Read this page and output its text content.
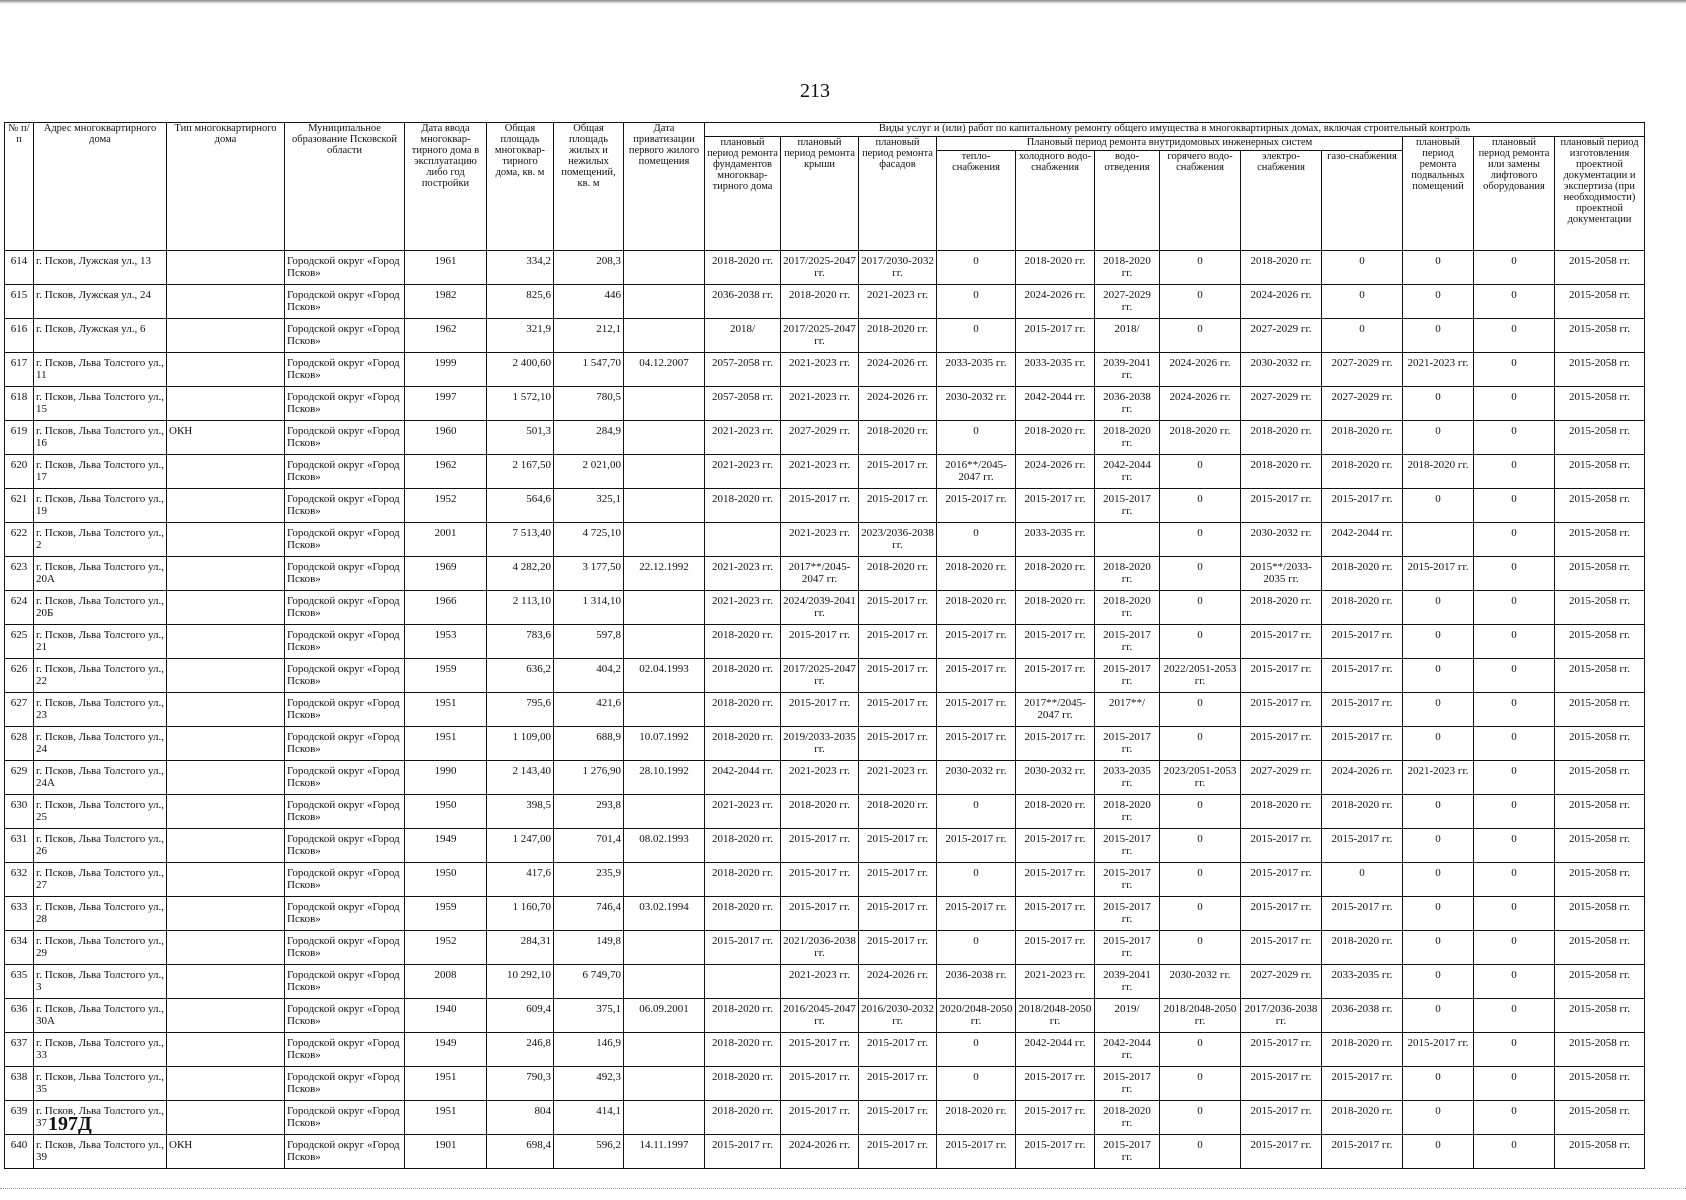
213
№ п/п	Адрес многоквартирного дома	Тип многоквартирного дома	Муниципальное образование Псковской области	Дата ввода многоквар-тирного дома в эксплуатацию либо год постройки	Общая площадь многоквар-тирного дома, кв. м	Общая площадь жилых и нежилых помещений, кв. м	Дата приватизации первого жилого помещения	Виды услуг и (или) работ по капитальному ремонту общего имущества в многоквартирных домах, включая строительный контроль											
								плановый период ремонта фундаментов многоквар-тирного дома	плановый период ремонта крыши	плановый период ремонта фасадов	Плановый период ремонта внутридомовых инженерных систем						плановый период ремонта подвальных помещений	плановый период ремонта или замены лифтового оборудования	плановый период изготовления проектной документации и экспертиза (при необходимости) проектной документации
											тепло-снабжения	холодного водо-снабжения	водо-отведения	горячего водо-снабжения	электро-снабжения	газо-снабжения			
614	г. Псков, Лужская ул., 13		Городской округ «Город Псков»	1961	334,2	208,3		2018-2020 гг.	2017/2025-2047 гг.	2017/2030-2032 гг.	0	2018-2020 гг.	2018-2020 гг.	0	2018-2020 гг.	0	0	0	2015-2058 гг.
615	г. Псков, Лужская ул., 24		Городской округ «Город Псков»	1982	825,6	446		2036-2038 гг.	2018-2020 гг.	2021-2023 гг.	0	2024-2026 гг.	2027-2029 гг.	0	2024-2026 гг.	0	0	0	2015-2058 гг.
616	г. Псков, Лужская ул., 6		Городской округ «Город Псков»	1962	321,9	212,1		2018/	2017/2025-2047 гг.	2018-2020 гг.	0	2015-2017 гг.	2018/	0	2027-2029 гг.	0	0	0	2015-2058 гг.
617	г. Псков, Льва Толстого ул., 11		Городской округ «Город Псков»	1999	2 400,60	1 547,70	04.12.2007	2057-2058 гг.	2021-2023 гг.	2024-2026 гг.	2033-2035 гг.	2033-2035 гг.	2039-2041 гг.	2024-2026 гг.	2030-2032 гг.	2027-2029 гг.	2021-2023 гг.	0	2015-2058 гг.
618	г. Псков, Льва Толстого ул., 15		Городской округ «Город Псков»	1997	1 572,10	780,5		2057-2058 гг.	2021-2023 гг.	2024-2026 гг.	2030-2032 гг.	2042-2044 гг.	2036-2038 гг.	2024-2026 гг.	2027-2029 гг.	2027-2029 гг.	0	0	2015-2058 гг.
619	г. Псков, Льва Толстого ул., 16	ОКН	Городской округ «Город Псков»	1960	501,3	284,9		2021-2023 гг.	2027-2029 гг.	2018-2020 гг.	0	2018-2020 гг.	2018-2020 гг.	2018-2020 гг.	2018-2020 гг.	2018-2020 гг.	0	0	2015-2058 гг.
620	г. Псков, Льва Толстого ул., 17		Городской округ «Город Псков»	1962	2 167,50	2 021,00		2021-2023 гг.	2021-2023 гг.	2015-2017 гг.	2016**/2045-2047 гг.	2024-2026 гг.	2042-2044 гг.	0	2018-2020 гг.	2018-2020 гг.	2018-2020 гг.	0	2015-2058 гг.
621	г. Псков, Льва Толстого ул., 19		Городской округ «Город Псков»	1952	564,6	325,1		2018-2020 гг.	2015-2017 гг.	2015-2017 гг.	2015-2017 гг.	2015-2017 гг.	2015-2017 гг.	0	2015-2017 гг.	2015-2017 гг.	0	0	2015-2058 гг.
622	г. Псков, Льва Толстого ул., 2		Городской округ «Город Псков»	2001	7 513,40	4 725,10			2021-2023 гг.	2023/2036-2038 гг.	0	2033-2035 гг.		0	2030-2032 гг.	2042-2044 гг.		0	2015-2058 гг.
623	г. Псков, Льва Толстого ул., 20А		Городской округ «Город Псков»	1969	4 282,20	3 177,50	22.12.1992	2021-2023 гг.	2017**/2045-2047 гг.	2018-2020 гг.	2018-2020 гг.	2018-2020 гг.	2018-2020 гг.	0	2015**/2033-2035 гг.	2018-2020 гг.	2015-2017 гг.	0	2015-2058 гг.
624	г. Псков, Льва Толстого ул., 20Б		Городской округ «Город Псков»	1966	2 113,10	1 314,10		2021-2023 гг.	2024/2039-2041 гг.	2015-2017 гг.	2018-2020 гг.	2018-2020 гг.	2018-2020 гг.	0	2018-2020 гг.	2018-2020 гг.	0	0	2015-2058 гг.
625	г. Псков, Льва Толстого ул., 21		Городской округ «Город Псков»	1953	783,6	597,8		2018-2020 гг.	2015-2017 гг.	2015-2017 гг.	2015-2017 гг.	2015-2017 гг.	2015-2017 гг.	0	2015-2017 гг.	2015-2017 гг.	0	0	2015-2058 гг.
626	г. Псков, Льва Толстого ул., 22		Городской округ «Город Псков»	1959	636,2	404,2	02.04.1993	2018-2020 гг.	2017/2025-2047 гг.	2015-2017 гг.	2015-2017 гг.	2015-2017 гг.	2015-2017 гг.	2022/2051-2053 гг.	2015-2017 гг.	2015-2017 гг.	0	0	2015-2058 гг.
627	г. Псков, Льва Толстого ул., 23		Городской округ «Город Псков»	1951	795,6	421,6		2018-2020 гг.	2015-2017 гг.	2015-2017 гг.	2015-2017 гг.	2017**/2045-2047 гг.	2017**/	0	2015-2017 гг.	2015-2017 гг.	0	0	2015-2058 гг.
628	г. Псков, Льва Толстого ул., 24		Городской округ «Город Псков»	1951	1 109,00	688,9	10.07.1992	2018-2020 гг.	2019/2033-2035 гг.	2015-2017 гг.	2015-2017 гг.	2015-2017 гг.	2015-2017 гг.	0	2015-2017 гг.	2015-2017 гг.	0	0	2015-2058 гг.
629	г. Псков, Льва Толстого ул., 24А		Городской округ «Город Псков»	1990	2 143,40	1 276,90	28.10.1992	2042-2044 гг.	2021-2023 гг.	2021-2023 гг.	2030-2032 гг.	2030-2032 гг.	2033-2035 гг.	2023/2051-2053 гг.	2027-2029 гг.	2024-2026 гг.	2021-2023 гг.	0	2015-2058 гг.
630	г. Псков, Льва Толстого ул., 25		Городской округ «Город Псков»	1950	398,5	293,8		2021-2023 гг.	2018-2020 гг.	2018-2020 гг.	0	2018-2020 гг.	2018-2020 гг.	0	2018-2020 гг.	2018-2020 гг.	0	0	2015-2058 гг.
631	г. Псков, Льва Толстого ул., 26		Городской округ «Город Псков»	1949	1 247,00	701,4	08.02.1993	2018-2020 гг.	2015-2017 гг.	2015-2017 гг.	2015-2017 гг.	2015-2017 гг.	2015-2017 гг.	0	2015-2017 гг.	2015-2017 гг.	0	0	2015-2058 гг.
632	г. Псков, Льва Толстого ул., 27		Городской округ «Город Псков»	1950	417,6	235,9		2018-2020 гг.	2015-2017 гг.	2015-2017 гг.	0	2015-2017 гг.	2015-2017 гг.	0	2015-2017 гг.	0	0	0	2015-2058 гг.
633	г. Псков, Льва Толстого ул., 28		Городской округ «Город Псков»	1959	1 160,70	746,4	03.02.1994	2018-2020 гг.	2015-2017 гг.	2015-2017 гг.	2015-2017 гг.	2015-2017 гг.	2015-2017 гг.	0	2015-2017 гг.	2015-2017 гг.	0	0	2015-2058 гг.
634	г. Псков, Льва Толстого ул., 29		Городской округ «Город Псков»	1952	284,31	149,8		2015-2017 гг.	2021/2036-2038 гг.	2015-2017 гг.	0	2015-2017 гг.	2015-2017 гг.	0	2015-2017 гг.	2018-2020 гг.	0	0	2015-2058 гг.
635	г. Псков, Льва Толстого ул., 3		Городской округ «Город Псков»	2008	10 292,10	6 749,70			2021-2023 гг.	2024-2026 гг.	2036-2038 гг.	2021-2023 гг.	2039-2041 гг.	2030-2032 гг.	2027-2029 гг.	2033-2035 гг.	0	0	2015-2058 гг.
636	г. Псков, Льва Толстого ул., 30А		Городской округ «Город Псков»	1940	609,4	375,1	06.09.2001	2018-2020 гг.	2016/2045-2047 гг.	2016/2030-2032 гг.	2020/2048-2050 гг.	2018/2048-2050 гг.	2019/	2018/2048-2050 гг.	2017/2036-2038 гг.	2036-2038 гг.	0	0	2015-2058 гг.
637	г. Псков, Льва Толстого ул., 33		Городской округ «Город Псков»	1949	246,8	146,9		2018-2020 гг.	2015-2017 гг.	2015-2017 гг.	0	2042-2044 гг.	2042-2044 гг.	0	2015-2017 гг.	2018-2020 гг.	2015-2017 гг.	0	2015-2058 гг.
638	г. Псков, Льва Толстого ул., 35		Городской округ «Город Псков»	1951	790,3	492,3		2018-2020 гг.	2015-2017 гг.	2015-2017 гг.	0	2015-2017 гг.	2015-2017 гг.	0	2015-2017 гг.	2015-2017 гг.	0	0	2015-2058 гг.
639	г. Псков, Льва Толстого ул., 37		Городской округ «Город Псков»	1951	804	414,1		2018-2020 гг.	2015-2017 гг.	2015-2017 гг.	2018-2020 гг.	2015-2017 гг.	2018-2020 гг.	0	2015-2017 гг.	2018-2020 гг.	0	0	2015-2058 гг.
640	г. Псков, Льва Толстого ул., 39	ОКН	Городской округ «Город Псков»	1901	698,4	596,2	14.11.1997	2015-2017 гг.	2024-2026 гг.	2015-2017 гг.	2015-2017 гг.	2015-2017 гг.	2015-2017 гг.	0	2015-2017 гг.	2015-2017 гг.	0	0	2015-2058 гг.
197Д
